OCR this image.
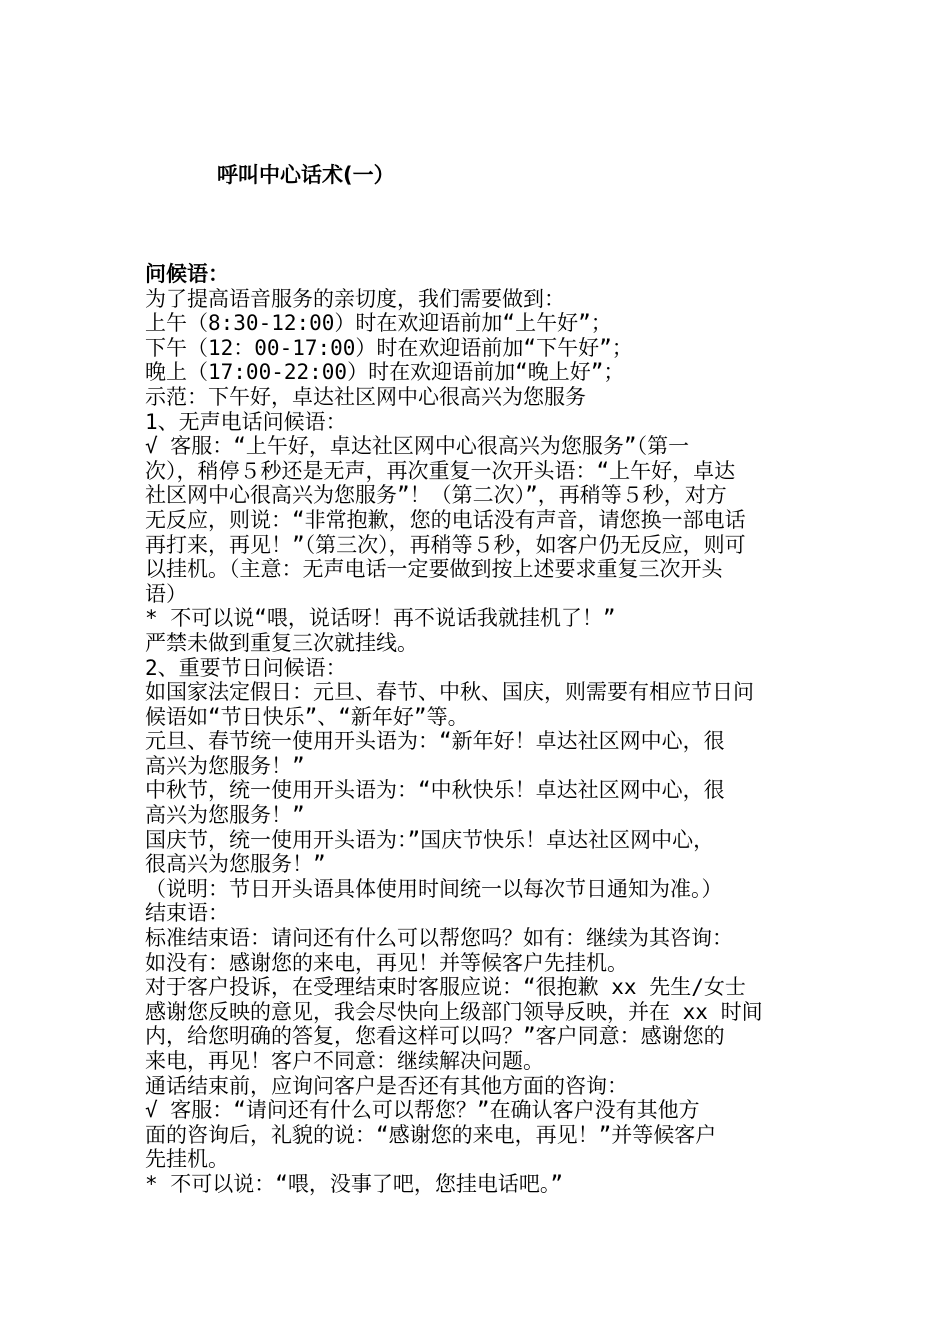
呼叫中心话术(一）
问候语：
为了提高语音服务的亲切度，我们需要做到：
上午（8:30-12:00）时在欢迎语前加“上午好”；
下午（12：00-17:00）时在欢迎语前加“下午好”；
晚上（17:00-22:00）时在欢迎语前加“晚上好”；
示范：下午好，卓达社区网中心很高兴为您服务
1、无声电话问候语：
√ 客服：“上午好，卓达社区网中心很高兴为您服务”（第一
次），稍停５秒还是无声，再次重复一次开头语：“上午好，卓达
社区网中心很高兴为您服务”！（第二次）”，再稍等５秒，对方
无反应，则说：“非常抱歉，您的电话没有声音，请您换一部电话
再打来，再见！”（第三次），再稍等５秒，如客户仍无反应，则可
以挂机。（主意：无声电话一定要做到按上述要求重复三次开头
语）
* 不可以说“喂，说话呀！再不说话我就挂机了！”
严禁未做到重复三次就挂线。
2、重要节日问候语：
如国家法定假日：元旦、春节、中秋、国庆，则需要有相应节日问
候语如“节日快乐”、“新年好”等。
元旦、春节统一使用开头语为：“新年好！卓达社区网中心，很
高兴为您服务！”
中秋节，统一使用开头语为：“中秋快乐！卓达社区网中心，很
高兴为您服务！”
国庆节，统一使用开头语为：”国庆节快乐！卓达社区网中心，
很高兴为您服务！”
（说明：节日开头语具体使用时间统一以每次节日通知为准。）
结束语：
标准结束语：请问还有什么可以帮您吗？如有：继续为其咨询：
如没有：感谢您的来电，再见！并等候客户先挂机。
对于客户投诉，在受理结束时客服应说：“很抱歉 xx 先生/女士
感谢您反映的意见，我会尽快向上级部门领导反映，并在 xx 时间
内，给您明确的答复，您看这样可以吗？”客户同意：感谢您的
来电，再见！客户不同意：继续解决问题。
通话结束前，应询问客户是否还有其他方面的咨询：
√ 客服：“请问还有什么可以帮您？”在确认客户没有其他方
面的咨询后，礼貌的说：“感谢您的来电，再见！”并等候客户
先挂机。
* 不可以说：“喂，没事了吧，您挂电话吧。”
